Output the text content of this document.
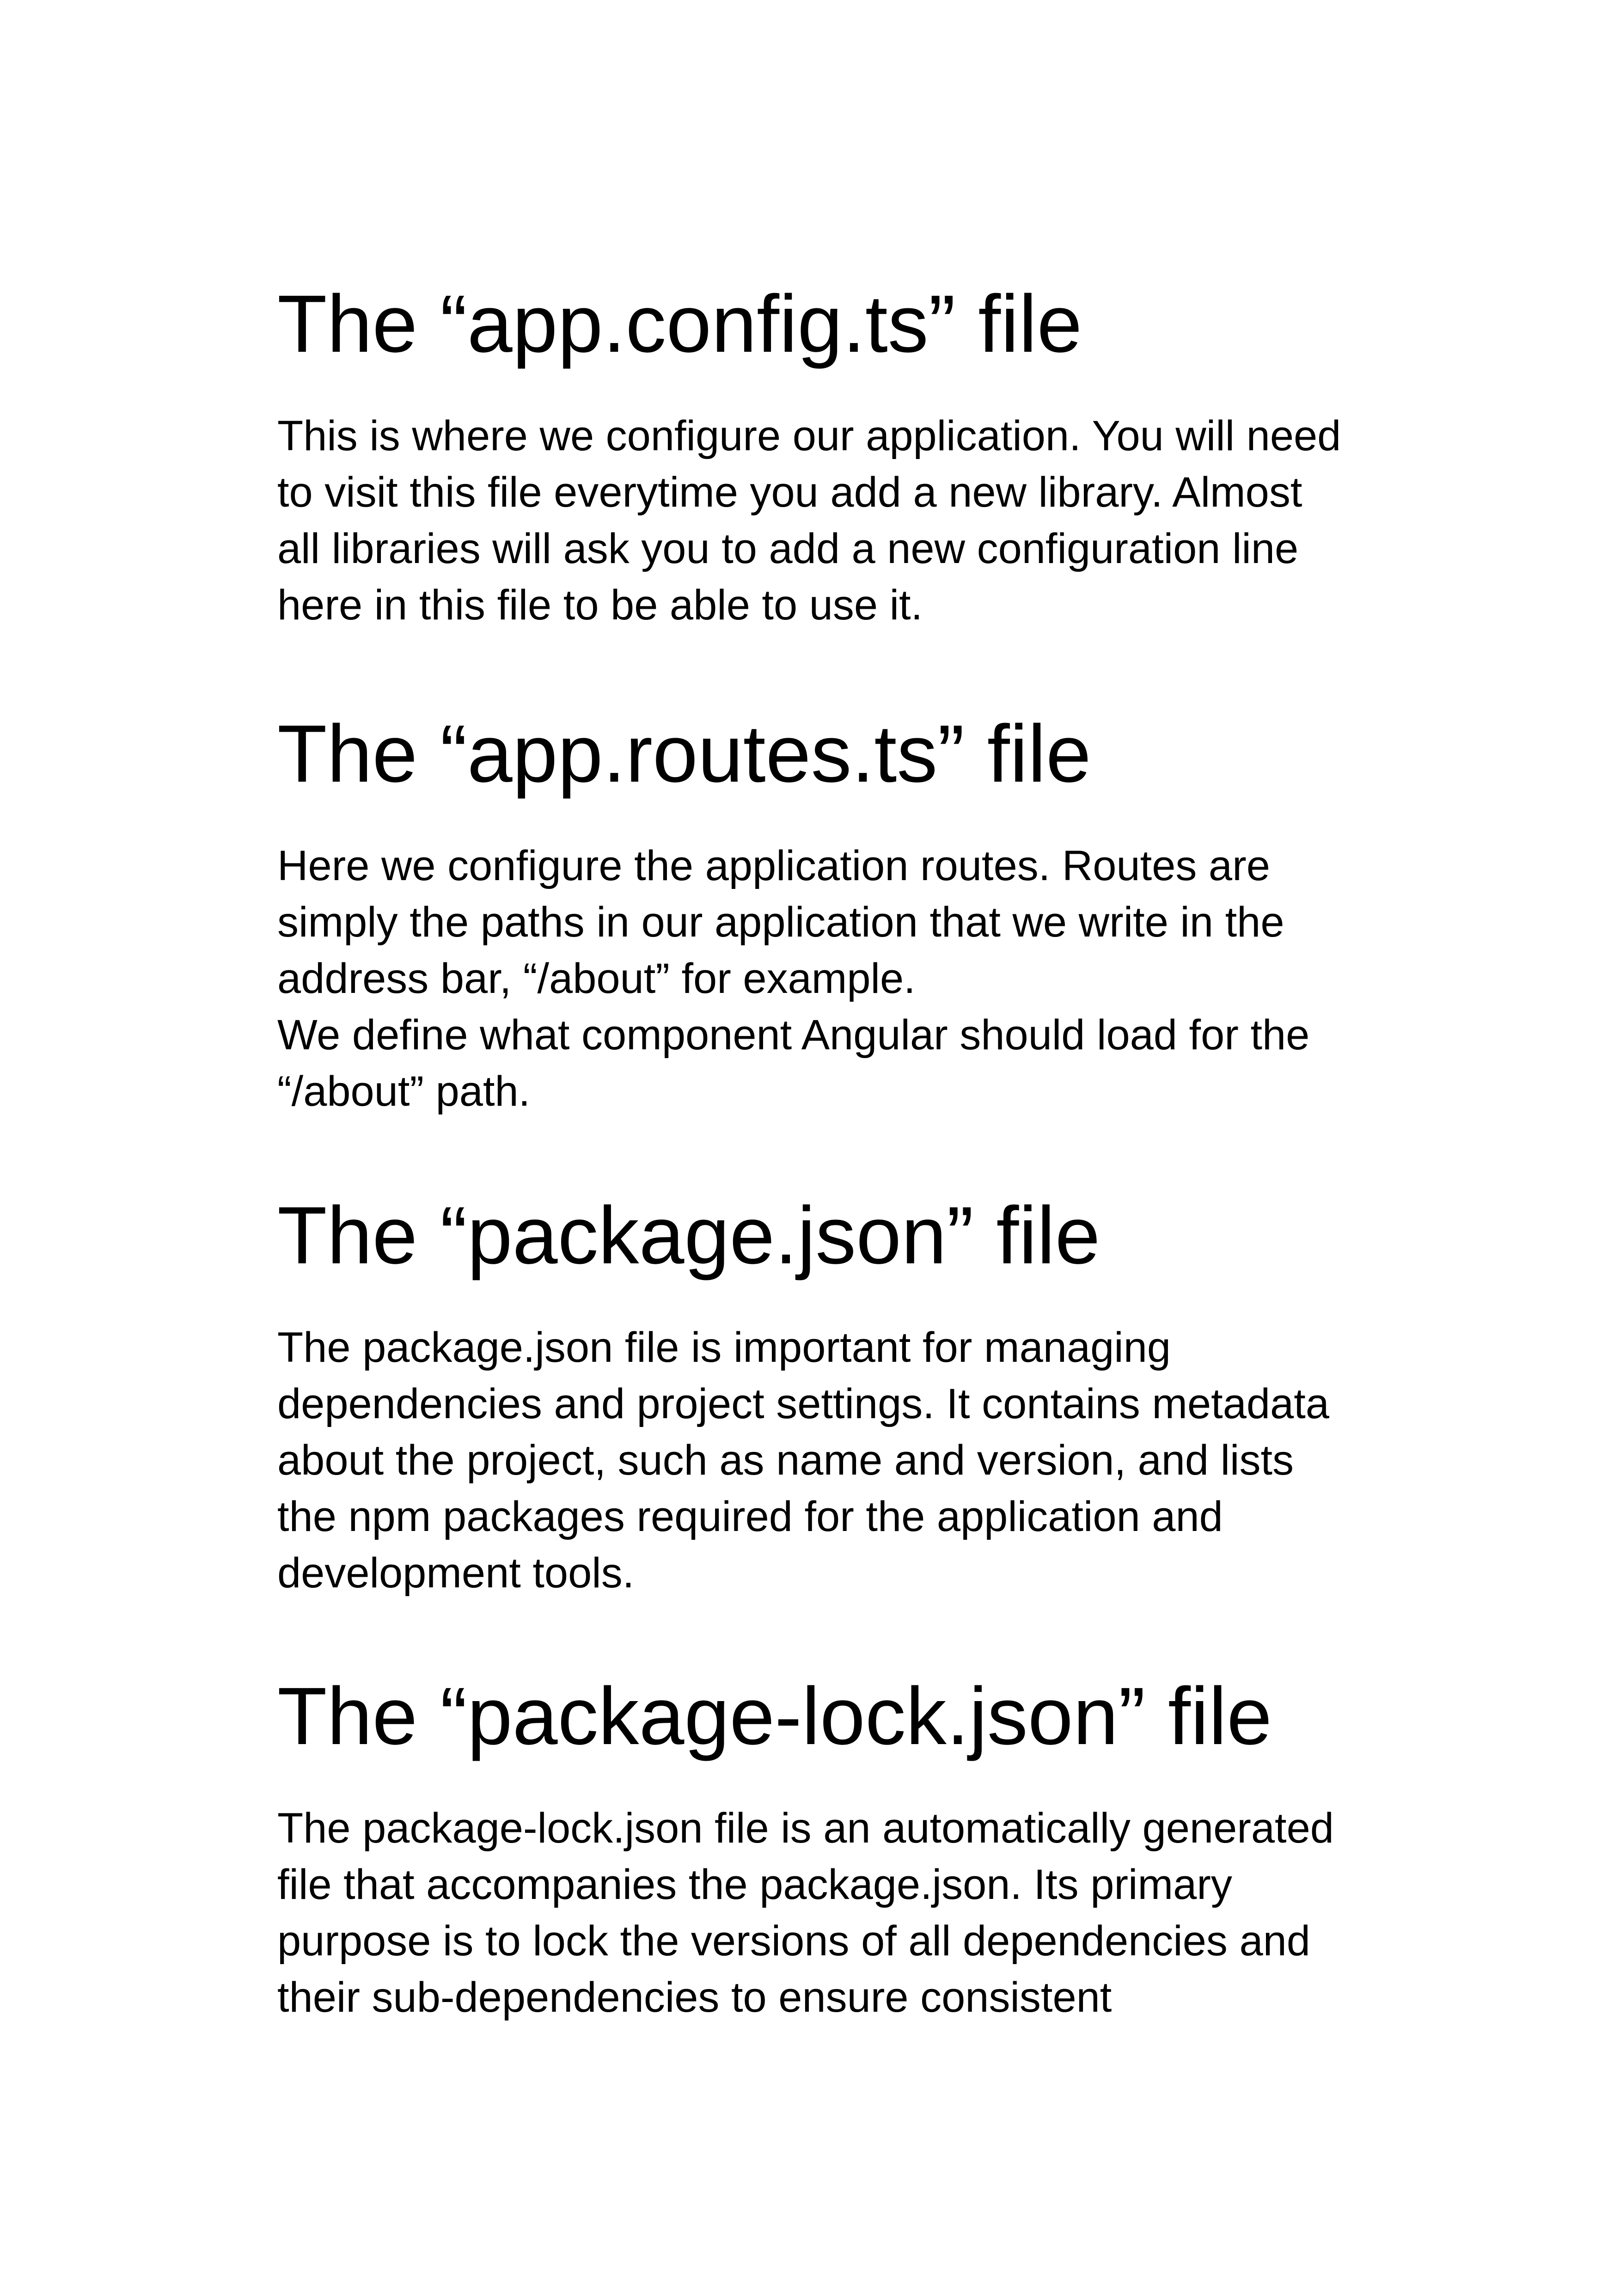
The “app.config.ts” file

This is where we configure our application. You will need
to visit this file everytime you add a new library. Almost
all libraries will ask you to add a new configuration line
here in this file to be able to use it.

The “app.routes.ts” file

Here we configure the application routes. Routes are
simply the paths in our application that we write in the
address bar, “/about” for example.
We define what component Angular should load for the
“/about” path.

The “package.json” file

The package.json file is important for managing
dependencies and project settings. It contains metadata
about the project, such as name and version, and lists
the npm packages required for the application and
development tools.

The “package-lock.json” file

The package-lock.json file is an automatically generated
file that accompanies the package.json. Its primary
purpose is to lock the versions of all dependencies and
their sub-dependencies to ensure consistent
